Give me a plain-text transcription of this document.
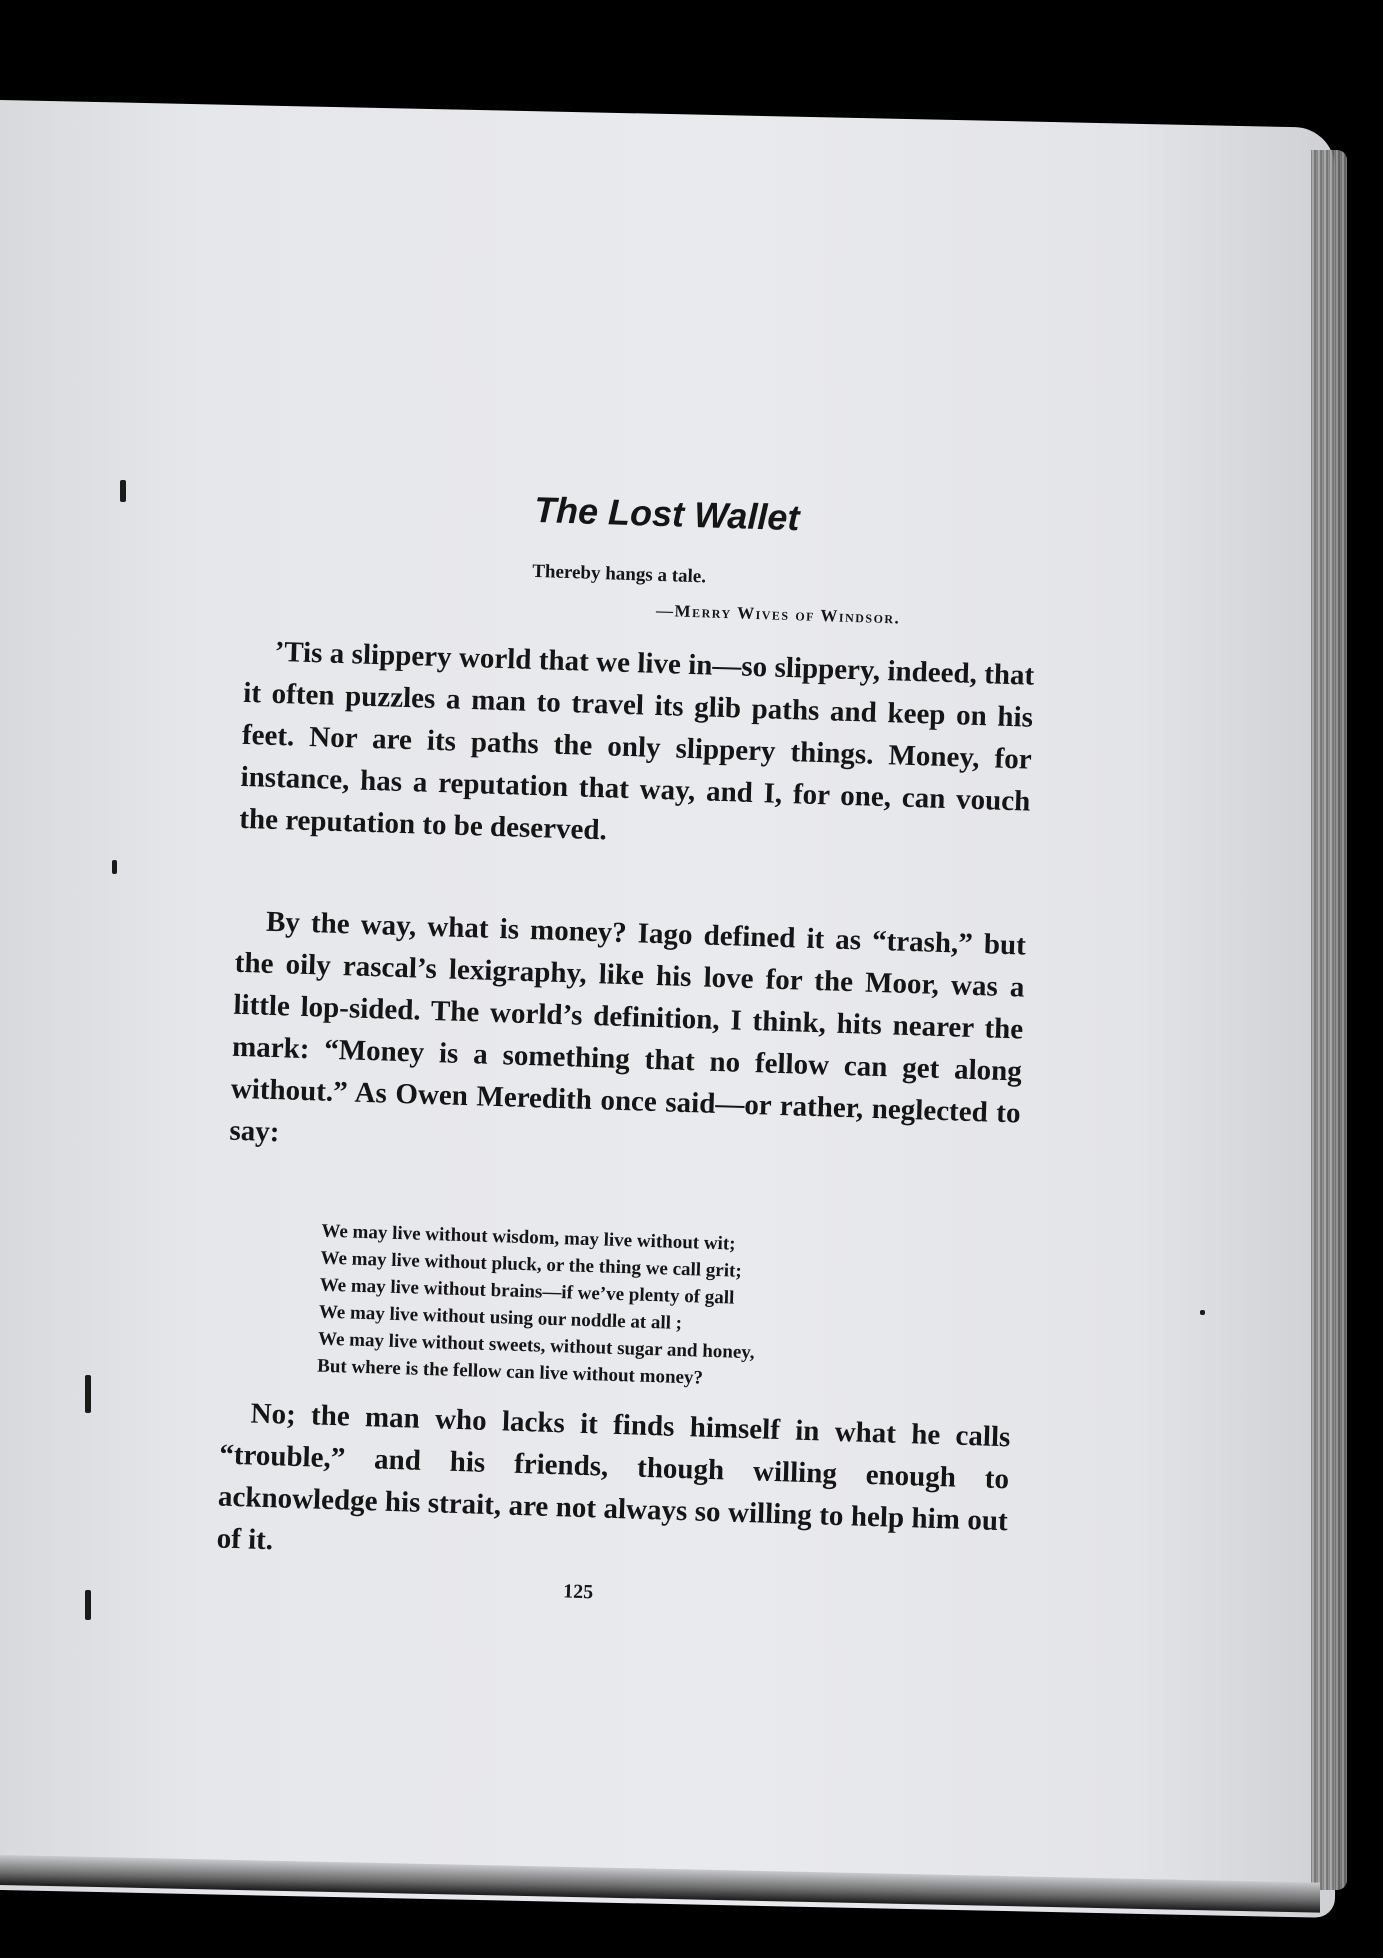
The Lost Wallet
Thereby hangs a tale.
—Merry Wives of Windsor.
’Tis a slippery world that we live in—so slippery, indeed, that it often puzzles a man to travel its glib paths and keep on his feet. Nor are its paths the only slippery things. Money, for instance, has a reputation that way, and I, for one, can vouch the reputation to be deserved.
By the way, what is money? Iago defined it as “trash,” but the oily rascal’s lexigraphy, like his love for the Moor, was a little lop-sided. The world’s definition, I think, hits nearer the mark: “Money is a something that no fellow can get along without.” As Owen Meredith once said—or rather, neglected to say:
We may live without wisdom, may live without wit;
We may live without pluck, or the thing we call grit;
We may live without brains—if we’ve plenty of gall
We may live without using our noddle at all ;
We may live without sweets, without sugar and honey,
But where is the fellow can live without money?
No; the man who lacks it finds himself in what he calls “trouble,” and his friends, though willing enough to acknowledge his strait, are not always so willing to help him out of it.
125
